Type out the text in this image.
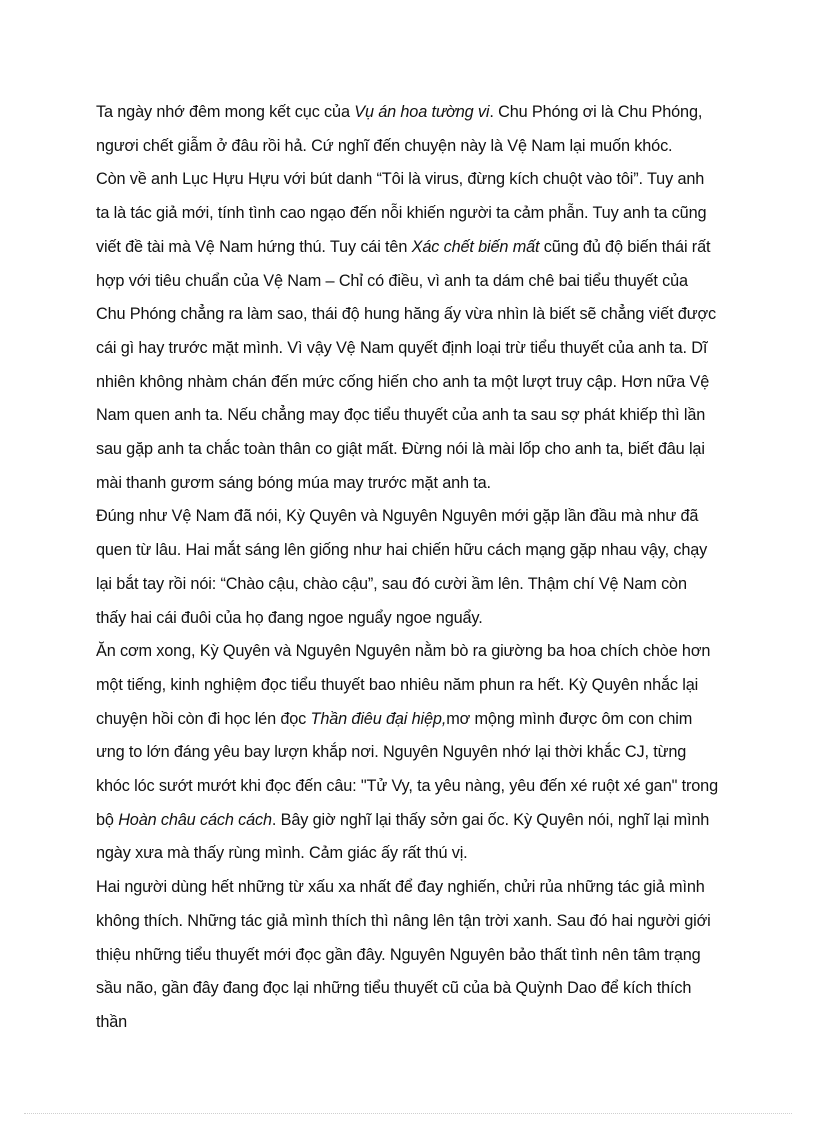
Ta ngày nhớ đêm mong kết cục của Vụ án hoa tường vi. Chu Phóng ơi là Chu Phóng, ngươi chết giẫm ở đâu rồi hả. Cứ nghĩ đến chuyện này là Vệ Nam lại muốn khóc.

Còn về anh Lục Hựu Hựu với bút danh “Tôi là virus, đừng kích chuột vào tôi”. Tuy anh ta là tác giả mới, tính tình cao ngạo đến nỗi khiến người ta cảm phẫn. Tuy anh ta cũng viết đề tài mà Vệ Nam hứng thú. Tuy cái tên Xác chết biến mất cũng đủ độ biến thái rất hợp với tiêu chuẩn của Vệ Nam – Chỉ có điều, vì anh ta dám chê bai tiểu thuyết của Chu Phóng chẳng ra làm sao, thái độ hung hăng ấy vừa nhìn là biết sẽ chẳng viết được cái gì hay trước mặt mình. Vì vậy Vệ Nam quyết định loại trừ tiểu thuyết của anh ta. Dĩ nhiên không nhàm chán đến mức cống hiến cho anh ta một lượt truy cập. Hơn nữa Vệ Nam quen anh ta. Nếu chẳng may đọc tiểu thuyết của anh ta sau sợ phát khiếp thì lần sau gặp anh ta chắc toàn thân co giật mất. Đừng nói là mài lốp cho anh ta, biết đâu lại mài thanh gươm sáng bóng múa may trước mặt anh ta.

Đúng như Vệ Nam đã nói, Kỳ Quyên và Nguyên Nguyên mới gặp lần đầu mà như đã quen từ lâu. Hai mắt sáng lên giống như hai chiến hữu cách mạng gặp nhau vậy, chạy lại bắt tay rồi nói: “Chào cậu, chào cậu”, sau đó cười ầm lên. Thậm chí Vệ Nam còn thấy hai cái đuôi của họ đang ngoe nguẩy ngoe nguẩy.

Ăn cơm xong, Kỳ Quyên và Nguyên Nguyên nằm bò ra giường ba hoa chích chòe hơn một tiếng, kinh nghiệm đọc tiểu thuyết bao nhiêu năm phun ra hết. Kỳ Quyên nhắc lại chuyện hồi còn đi học lén đọc Thần điêu đại hiệp,mơ mộng mình được ôm con chim ưng to lớn đáng yêu bay lượn khắp nơi. Nguyên Nguyên nhớ lại thời khắc CJ, từng khóc lóc sướt mướt khi đọc đến câu: "Tử Vy, ta yêu nàng, yêu đến xé ruột xé gan" trong bộ Hoàn châu cách cách. Bây giờ nghĩ lại thấy sởn gai ốc. Kỳ Quyên nói, nghĩ lại mình ngày xưa mà thấy rùng mình. Cảm giác ấy rất thú vị.

Hai người dùng hết những từ xấu xa nhất để đay nghiến, chửi rủa những tác giả mình không thích. Những tác giả mình thích thì nâng lên tận trời xanh. Sau đó hai người giới thiệu những tiểu thuyết mới đọc gần đây. Nguyên Nguyên bảo thất tình nên tâm trạng sầu não, gần đây đang đọc lại những tiểu thuyết cũ của bà Quỳnh Dao để kích thích thần
